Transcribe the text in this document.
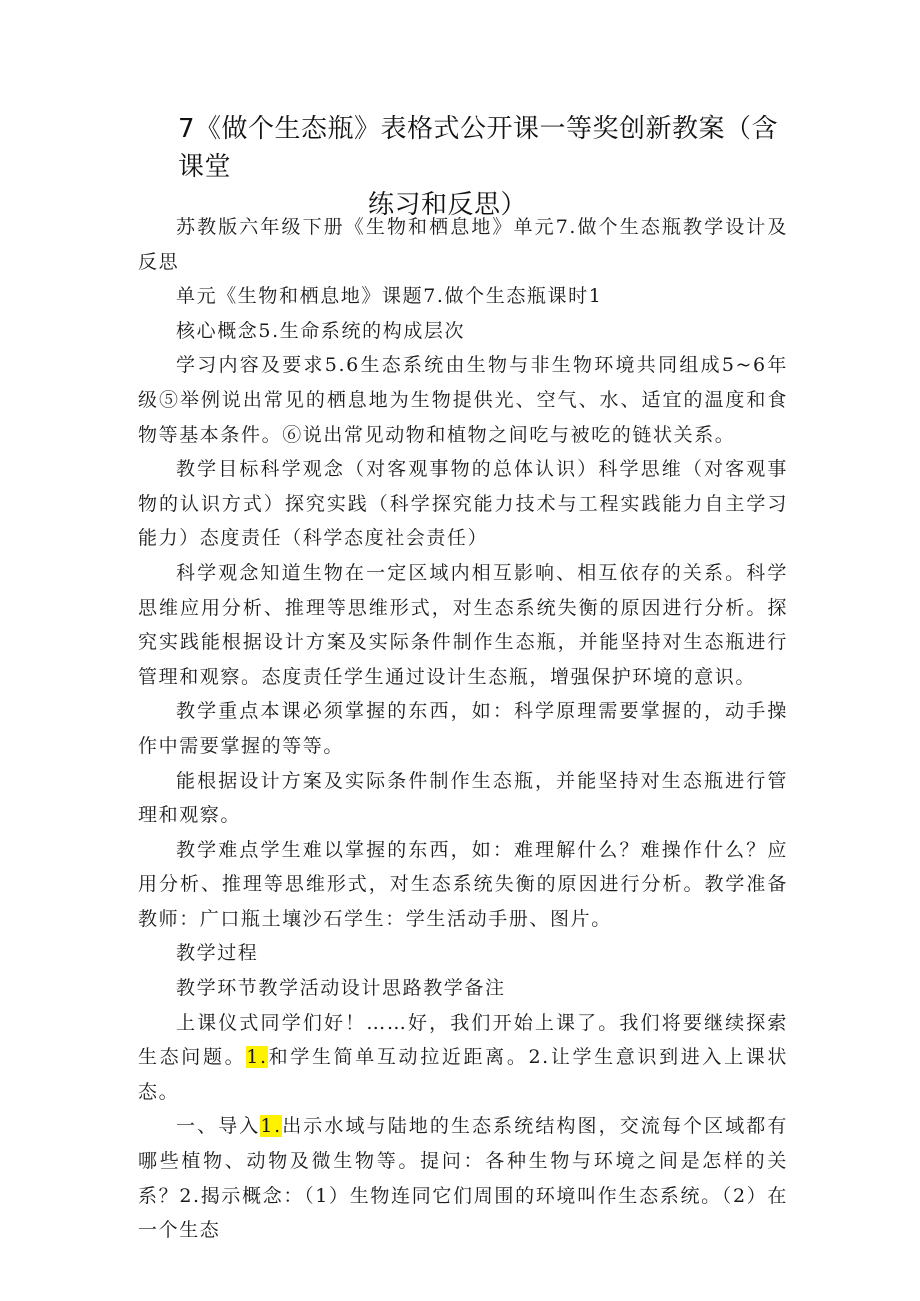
7《做个生态瓶》表格式公开课一等奖创新教案（含课堂
练习和反思）

苏教版六年级下册《生物和栖息地》单元7.做个生态瓶教学设计及反思

单元《生物和栖息地》课题7.做个生态瓶课时1

核心概念5.生命系统的构成层次

学习内容及要求5.6生态系统由生物与非生物环境共同组成5~6年级⑤举例说出常见的栖息地为生物提供光、空气、水、适宜的温度和食物等基本条件。⑥说出常见动物和植物之间吃与被吃的链状关系。

教学目标科学观念（对客观事物的总体认识）科学思维（对客观事物的认识方式）探究实践（科学探究能力技术与工程实践能力自主学习能力）态度责任（科学态度社会责任）

科学观念知道生物在一定区域内相互影响、相互依存的关系。科学思维应用分析、推理等思维形式，对生态系统失衡的原因进行分析。探究实践能根据设计方案及实际条件制作生态瓶，并能坚持对生态瓶进行管理和观察。态度责任学生通过设计生态瓶，增强保护环境的意识。

教学重点本课必须掌握的东西，如：科学原理需要掌握的，动手操作中需要掌握的等等。

能根据设计方案及实际条件制作生态瓶，并能坚持对生态瓶进行管理和观察。

教学难点学生难以掌握的东西，如：难理解什么？难操作什么？应用分析、推理等思维形式，对生态系统失衡的原因进行分析。教学准备教师：广口瓶土壤沙石学生：学生活动手册、图片。

教学过程

教学环节教学活动设计思路教学备注

上课仪式同学们好！……好，我们开始上课了。我们将要继续探索生态问题。1.和学生简单互动拉近距离。2.让学生意识到进入上课状态。

一、导入1.出示水域与陆地的生态系统结构图，交流每个区域都有哪些植物、动物及微生物等。提问：各种生物与环境之间是怎样的关系？2.揭示概念：（1）生物连同它们周围的环境叫作生态系统。（2）在一个生态
